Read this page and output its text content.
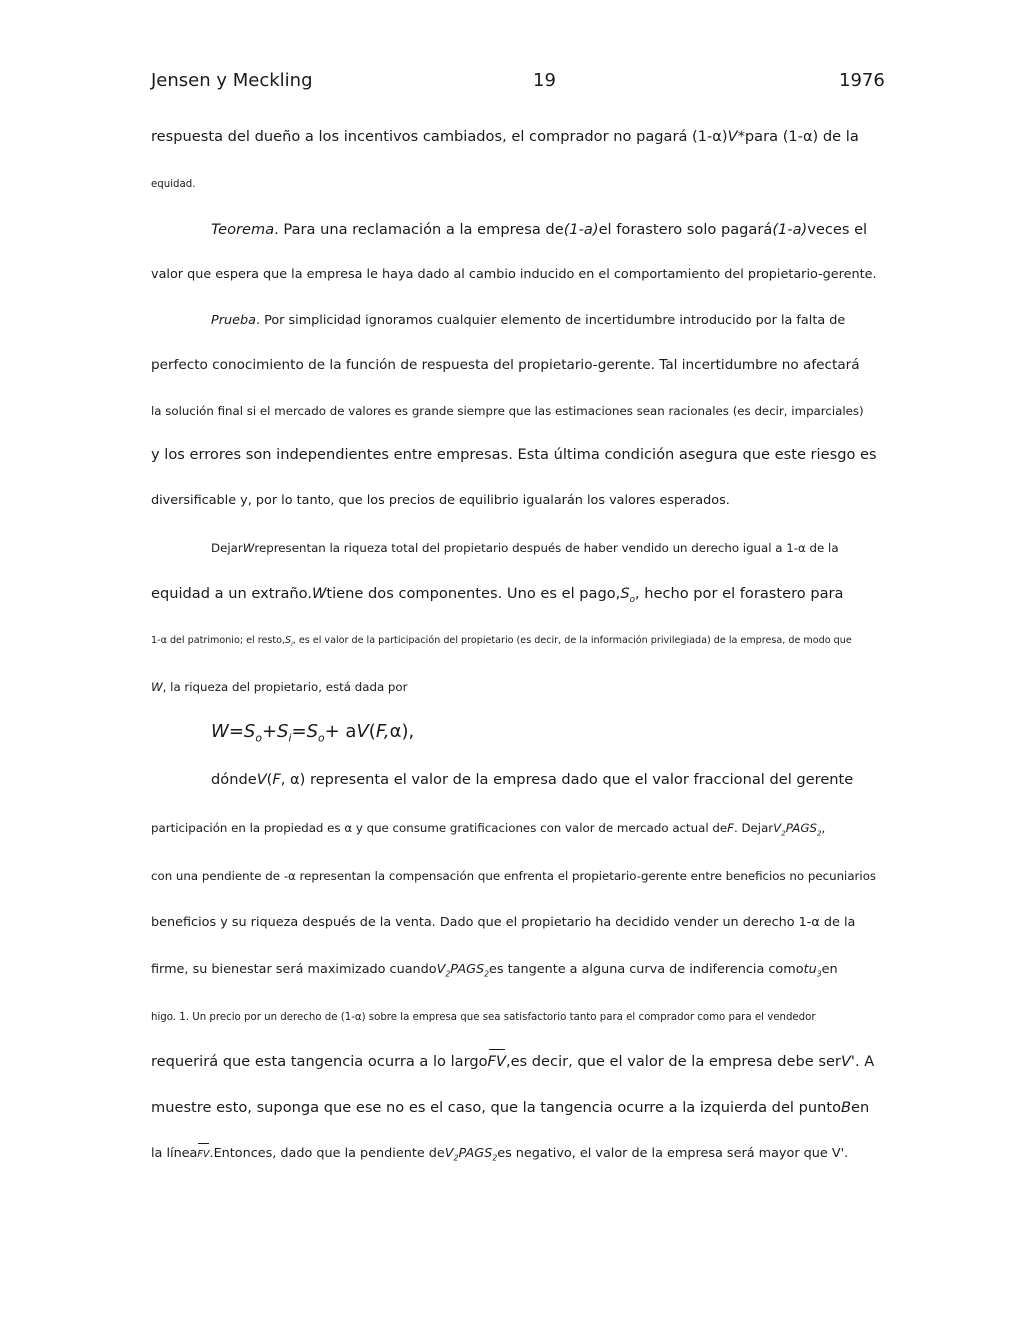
Jensen y Meckling	19	1976
respuesta del dueño a los incentivos cambiados, el comprador no pagará (1-α)V*para (1-α) de la
equidad.
Teorema. Para una reclamación a la empresa de(1-a)el forastero solo pagará(1-a)veces el
valor que espera que la empresa le haya dado al cambio inducido en el comportamiento del propietario-gerente.
Prueba. Por simplicidad ignoramos cualquier elemento de incertidumbre introducido por la falta de
perfecto conocimiento de la función de respuesta del propietario-gerente. Tal incertidumbre no afectará
la solución final si el mercado de valores es grande siempre que las estimaciones sean racionales (es decir, imparciales)
y los errores son independientes entre empresas. Esta última condición asegura que este riesgo es
diversificable y, por lo tanto, que los precios de equilibrio igualarán los valores esperados.
DejarWrepresentan la riqueza total del propietario después de haber vendido un derecho igual a 1-α de la
equidad a un extraño.Wtiene dos componentes. Uno es el $pago,S_o$, hecho por el forastero para
1-α del patrimonio; el $resto,S_i$, es el valor de la participación del propietario (es decir, de la información privilegiada) de la empresa, de modo que
W, la riqueza del propietario, está dada por
$W=S_o+S_i=S_o+ aV(F,\alpha)$,
dóndeV(F, α) representa el valor de la empresa dado que el valor fraccional del gerente
participación en la propiedad es α y que consume gratificaciones con valor de mercado actual deF. $DejarV_2PAGS_2$,
con una pendiente de -α representan la compensación que enfrenta el propietario-gerente entre beneficios no pecuniarios
beneficios y su riqueza después de la venta. Dado que el propietario ha decidido vender un derecho 1-α de la
firme, su bienestar será maximizado $cuandoV_2PAGS_2es$ tangente a alguna curva de indiferencia comotu$_3$en
higo. 1. Un precio por un derecho de (1-α) sobre la empresa que sea satisfactorio tanto para el comprador como para el vendedor
requerirá que esta tangencia ocurra a lo largoFV,es decir, que el valor de la empresa debe serV'. A
muestre esto, suponga que ese no es el caso, que la tangencia ocurre a la izquierda del puntoBen
la líneaFV.Entonces, dado que la pendiente $deV_2PAGS_2es$ negativo, el valor de la empresa será mayor que V'.
